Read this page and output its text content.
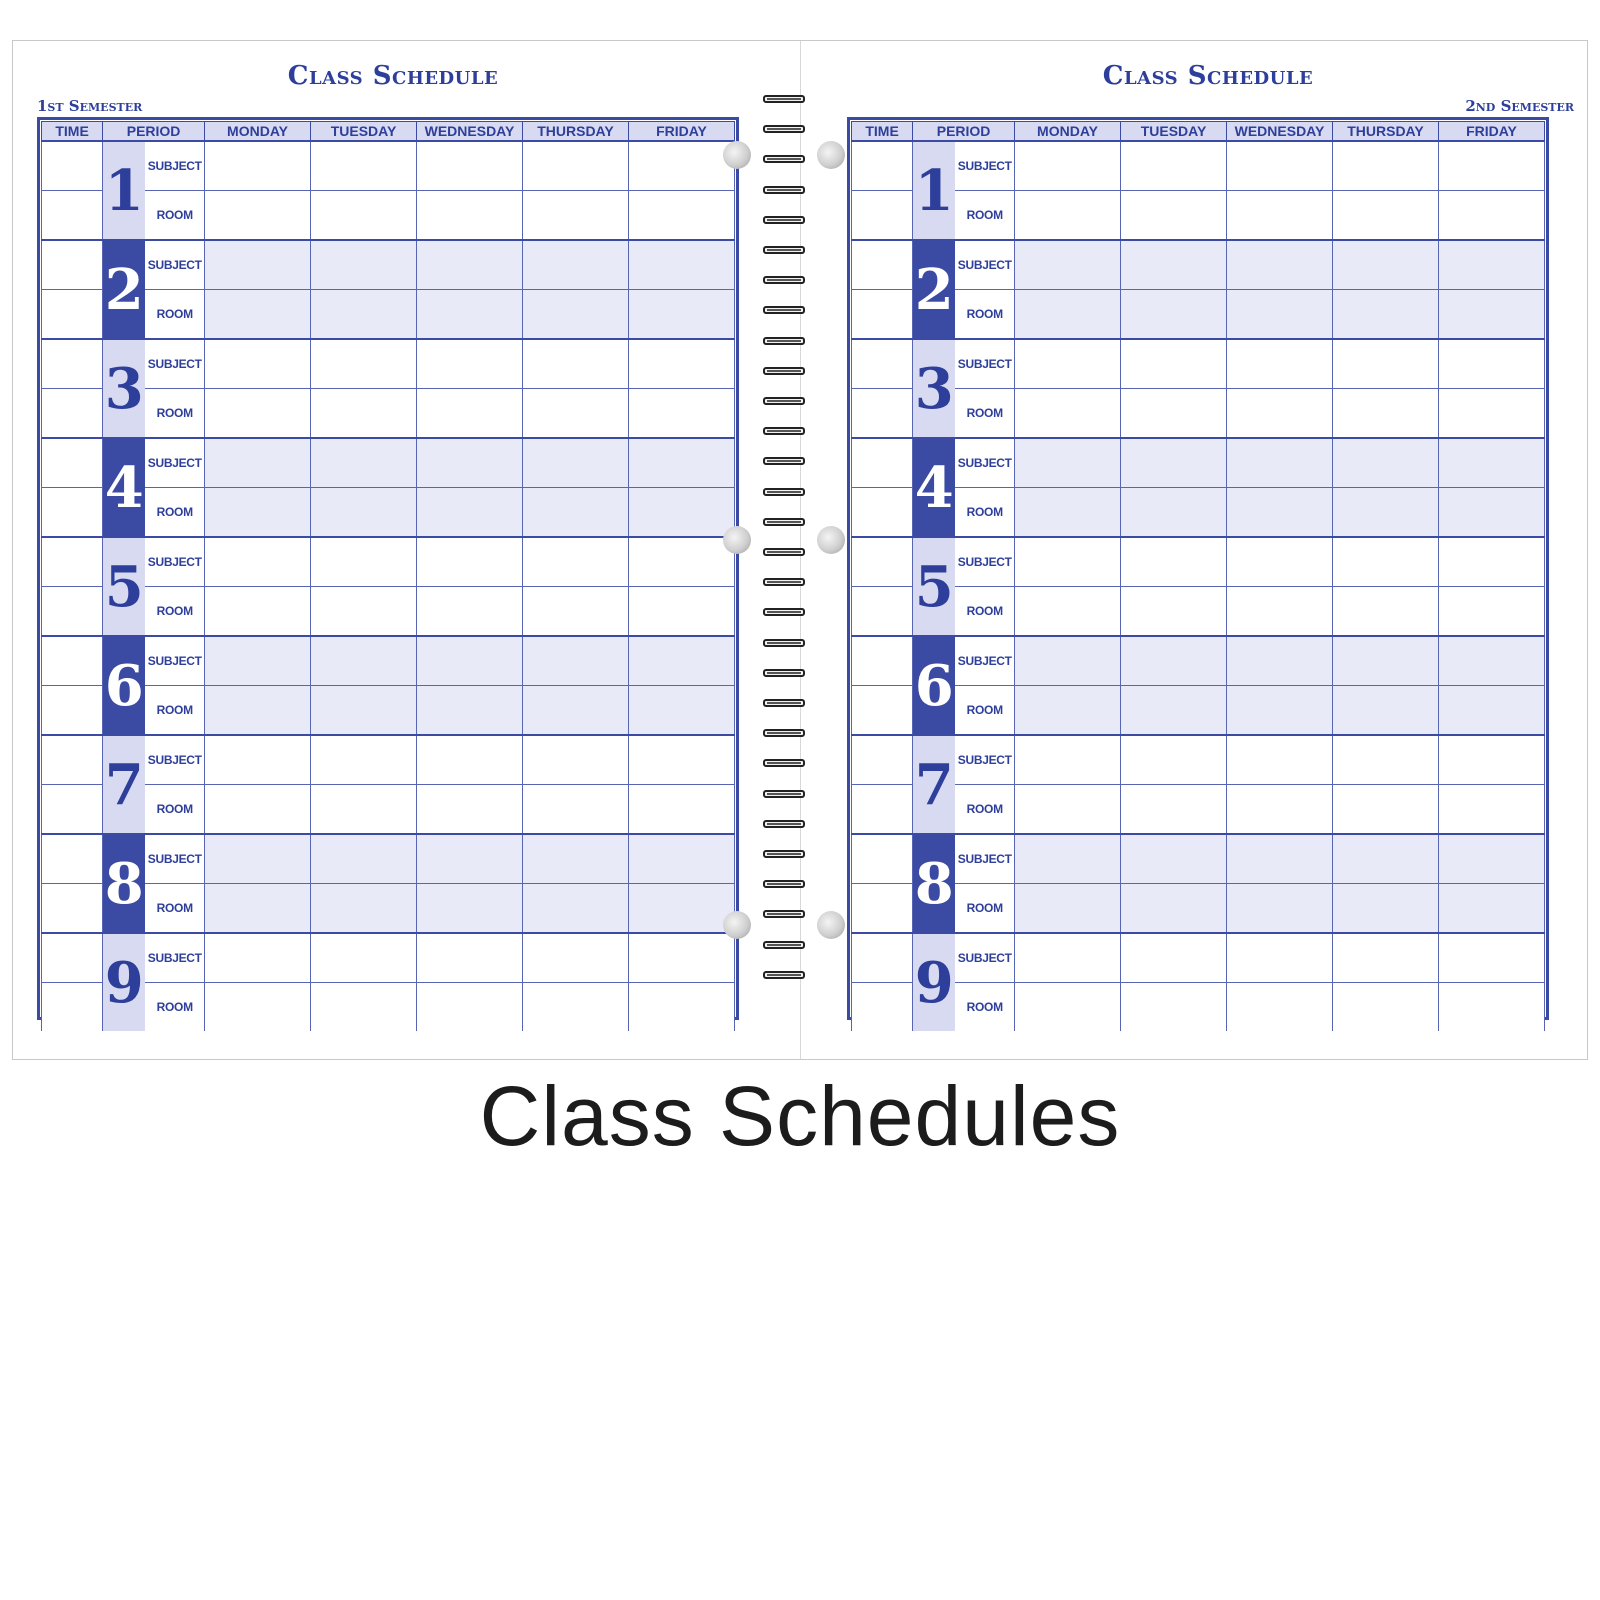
Class Schedule
1st Semester
TIME	PERIOD		MONDAY	TUESDAY	WEDNESDAY	THURSDAY	FRIDAY
	1	SUBJECT					
		ROOM					
	2	SUBJECT					
		ROOM					
	3	SUBJECT					
		ROOM					
	4	SUBJECT					
		ROOM					
	5	SUBJECT					
		ROOM					
	6	SUBJECT					
		ROOM					
	7	SUBJECT					
		ROOM					
	8	SUBJECT					
		ROOM					
	9	SUBJECT					
		ROOM					
Class Schedule
2nd Semester
TIME	PERIOD		MONDAY	TUESDAY	WEDNESDAY	THURSDAY	FRIDAY
	1	SUBJECT					
		ROOM					
	2	SUBJECT					
		ROOM					
	3	SUBJECT					
		ROOM					
	4	SUBJECT					
		ROOM					
	5	SUBJECT					
		ROOM					
	6	SUBJECT					
		ROOM					
	7	SUBJECT					
		ROOM					
	8	SUBJECT					
		ROOM					
	9	SUBJECT					
		ROOM					
Class Schedules
